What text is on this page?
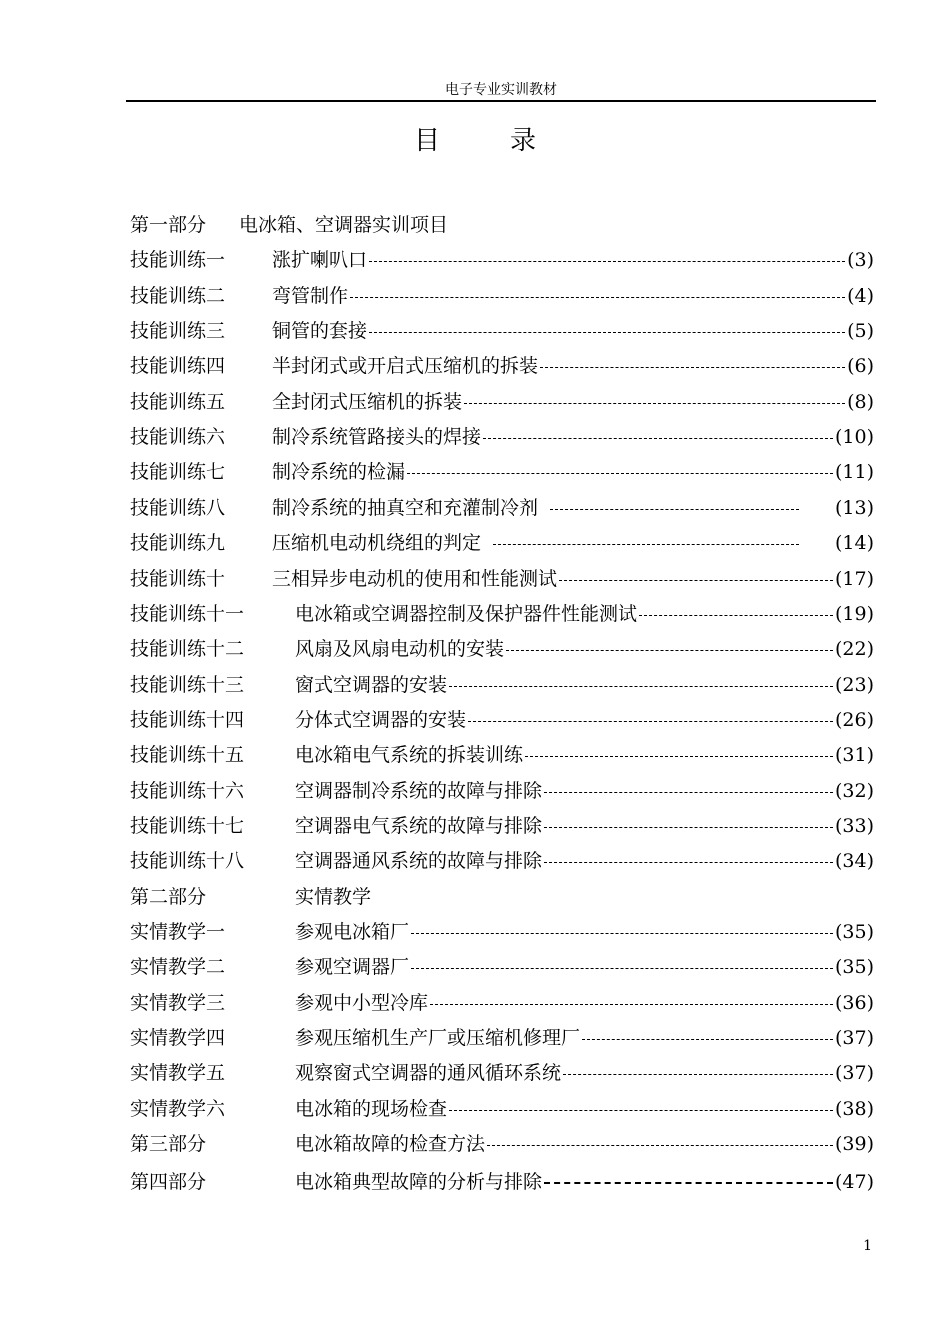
电子专业实训教材
目	录
第一部分 电冰箱、空调器实训项目
技能训练一 涨扩喇叭口	(3)
技能训练二 弯管制作	(4)
技能训练三 铜管的套接	(5)
技能训练四 半封闭式或开启式压缩机的拆装	(6)
技能训练五 全封闭式压缩机的拆装	(8)
技能训练六 制冷系统管路接头的焊接	(10)
技能训练七 制冷系统的检漏	(11)
技能训练八 制冷系统的抽真空和充灌制冷剂	(13)
技能训练九 压缩机电动机绕组的判定	(14)
技能训练十 三相异步电动机的使用和性能测试	(17)
技能训练十一	电冰箱或空调器控制及保护器件性能测试	(19)
技能训练十二	风扇及风扇电动机的安装	(22)
技能训练十三	窗式空调器的安装	(23)
技能训练十四	分体式空调器的安装	(26)
技能训练十五	电冰箱电气系统的拆装训练	(31)
技能训练十六	空调器制冷系统的故障与排除	(32)
技能训练十七	空调器电气系统的故障与排除	(33)
技能训练十八	空调器通风系统的故障与排除	(34)
第二部分	实情教学
实情教学一	参观电冰箱厂	(35)
实情教学二	参观空调器厂	(35)
实情教学三	参观中小型冷库	(36)
实情教学四	参观压缩机生产厂或压缩机修理厂	(37)
实情教学五	观察窗式空调器的通风循环系统	(37)
实情教学六	电冰箱的现场检查	(38)
第三部分	电冰箱故障的检查方法	(39)
第四部分	电冰箱典型故障的分析与排除	(47)
1
